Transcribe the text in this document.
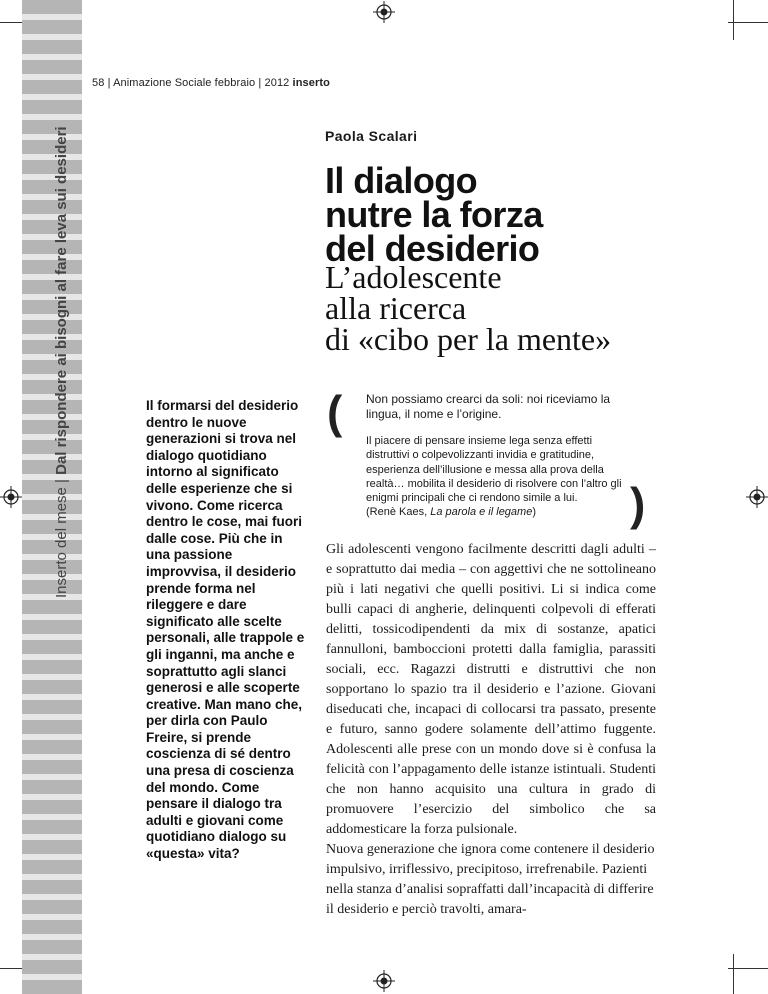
Inserto del mese | Dal rispondere ai bisogni al fare leva sui desideri
58 | Animazione Sociale febbraio | 2012 inserto
Paola Scalari
Il dialogo
nutre la forza
del desiderio
L’adolescente
alla ricerca
di «cibo per la mente»
Il formarsi del desiderio dentro le nuove generazioni si trova nel dialogo quotidiano intorno al significato delle esperienze che si vivono. Come ricerca dentro le cose, mai fuori dalle cose. Più che in una passione improvvisa, il desiderio prende forma nel rileggere e dare significato alle scelte personali, alle trappole e gli inganni, ma anche e soprattutto agli slanci generosi e alle scoperte creative. Man mano che, per dirla con Paulo Freire, si prende coscienza di sé dentro una presa di coscienza del mondo. Come pensare il dialogo tra adulti e giovani come quotidiano dialogo su «questa» vita?
( Non possiamo crearci da soli: noi riceviamo la lingua, il nome e l’origine.
Il piacere di pensare insieme lega senza effetti distruttivi o colpevolizzanti invidia e gratitudine, esperienza dell’illusione e messa alla prova della realtà… mobilita il desiderio di risolvere con l’altro gli enigmi principali che ci rendono simile a lui.
(Renè Kaes, La parola e il legame)	)

Gli adolescenti vengono facilmente descritti dagli adulti – e soprattutto dai media – con aggettivi che ne sottolineano più i lati negativi che quelli positivi. Li si indica come bulli capaci di angherie, delinquenti colpevoli di efferati delitti, tossicodipendenti da mix di sostanze, apatici fannulloni, bamboccioni protetti dalla famiglia, parassiti sociali, ecc. Ragazzi distrutti e distruttivi che non sopportano lo spazio tra il desiderio e l’azione. Giovani diseducati che, incapaci di collocarsi tra passato, presente e futuro, sanno godere solamente dell’attimo fuggente. Adolescenti alle prese con un mondo dove si è confusa la felicità con l’appagamento delle istanze istintuali. Studenti che non hanno acquisito una cultura in grado di promuovere l’esercizio del simbolico che sa addomesticare la forza pulsionale.

Nuova generazione che ignora come contenere il desiderio impulsivo, irriflessivo, precipitoso, irrefrenabile. Pazienti nella stanza d’analisi sopraffatti dall’incapacità di differire il desiderio e perciò travolti, amara-
